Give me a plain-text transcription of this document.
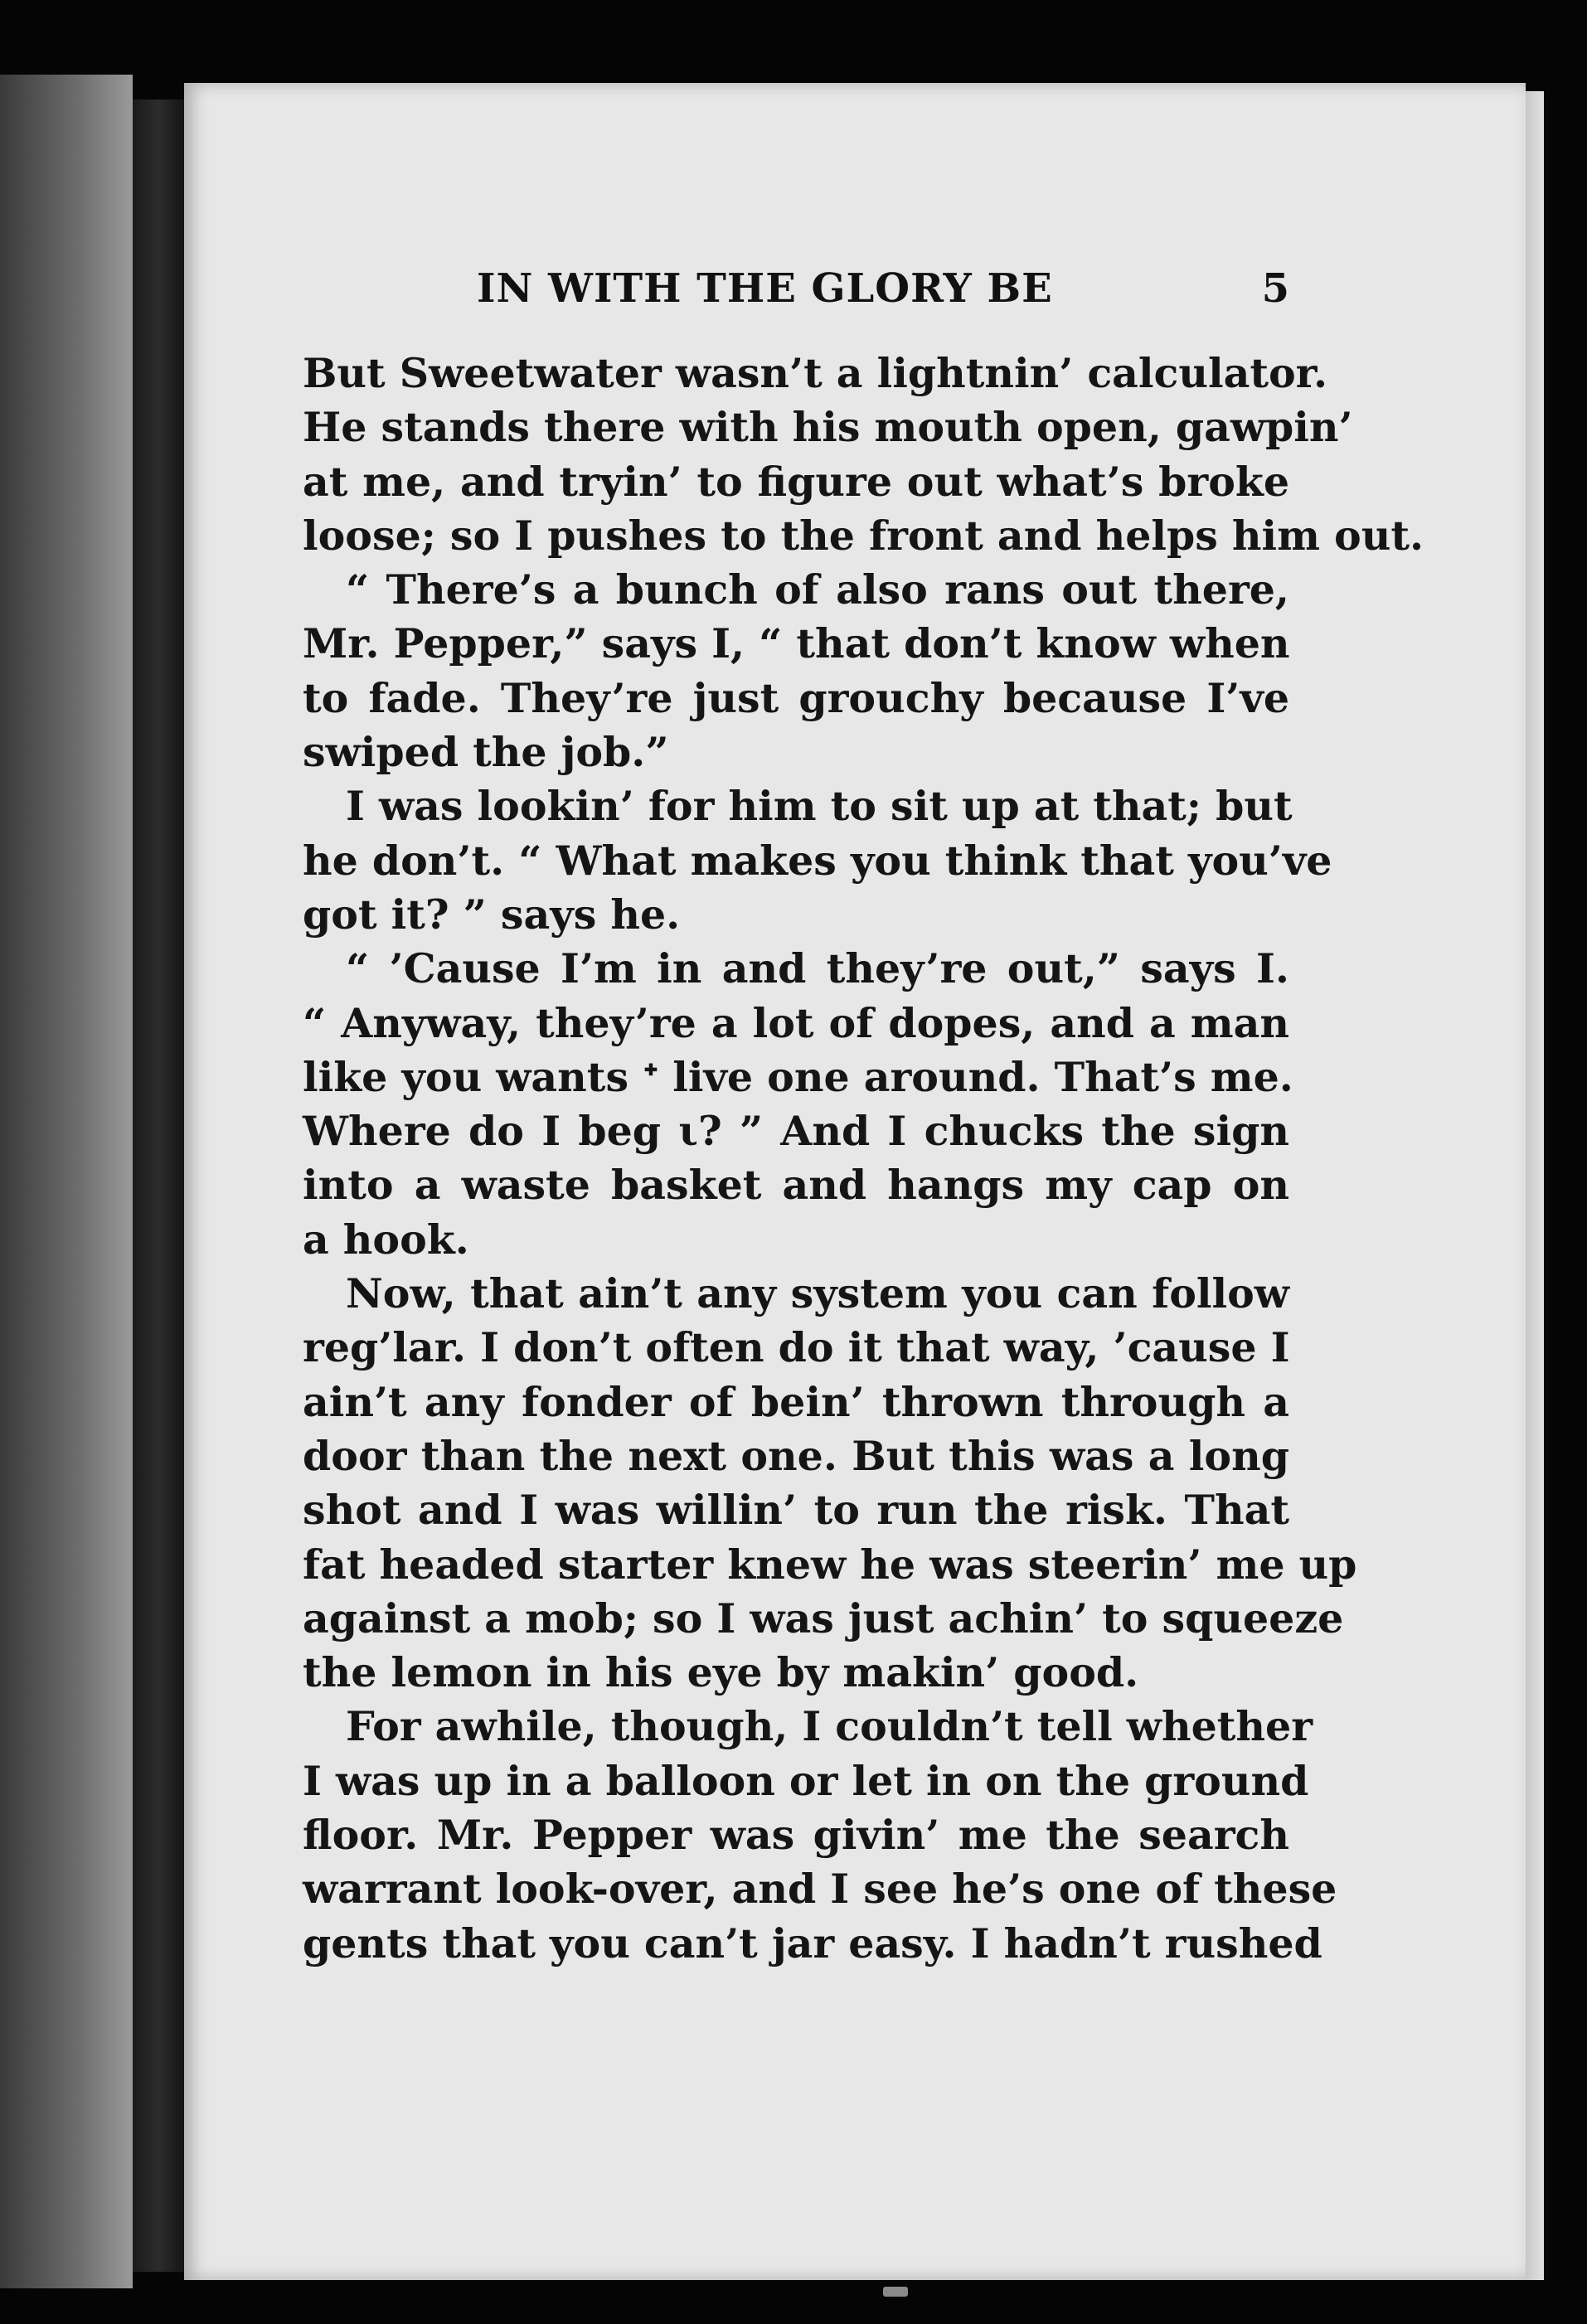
IN WITH THE GLORY BE	5
But Sweetwater wasn’t a lightnin’ calculator.
He stands there with his mouth open, gawpin’
at me, and tryin’ to figure out what’s broke
loose; so I pushes to the front and helps him out.
“ There’s a bunch of also rans out there,
Mr. Pepper,” says I, “ that don’t know when
to fade. They’re just grouchy because I’ve
swiped the job.”
I was lookin’ for him to sit up at that; but
he don’t. “ What makes you think that you’ve
got it? ” says he.
“ ’Cause I’m in and they’re out,” says I.
“ Anyway, they’re a lot of dopes, and a man
like you wants ᐩ live one around. That’s me.
Where do I beg ι? ” And I chucks the sign
into a waste basket and hangs my cap on
a hook.
Now, that ain’t any system you can follow
reg’lar. I don’t often do it that way, ’cause I
ain’t any fonder of bein’ thrown through a
door than the next one. But this was a long
shot and I was willin’ to run the risk. That
fat headed starter knew he was steerin’ me up
against a mob; so I was just achin’ to squeeze
the lemon in his eye by makin’ good.
For awhile, though, I couldn’t tell whether
I was up in a balloon or let in on the ground
floor. Mr. Pepper was givin’ me the search
warrant look-over, and I see he’s one of these
gents that you can’t jar easy. I hadn’t rushed
